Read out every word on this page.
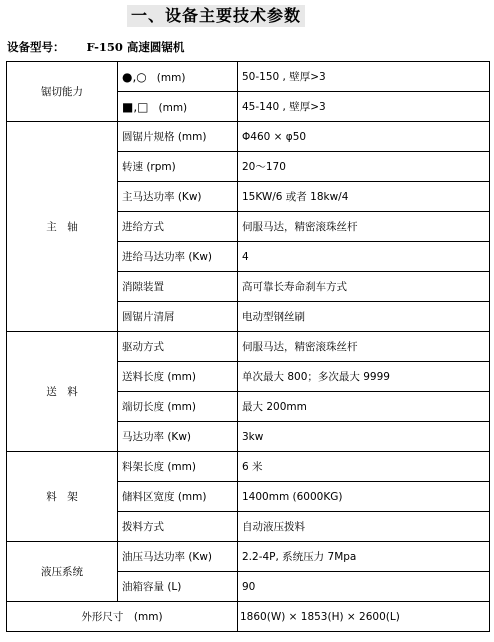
一、设备主要技术参数
设备型号： F-150 高速圆锯机
锯切能力	●,○ (mm)	50-150 , 壁厚>3
	■,□ (mm)	45-140 , 壁厚>3
主　轴	圆锯片规格 (mm)	Φ460 × φ50
	转速 (rpm)	20～170
	主马达功率 (Kw)	15KW/6 或者 18kw/4
	进给方式	伺服马达，精密滚珠丝杆
	进给马达功率 (Kw)	4
	消隙装置	高可靠长寿命刹车方式
	圆锯片清屑	电动型钢丝刷
送　料	驱动方式	伺服马达，精密滚珠丝杆
	送料长度 (mm)	单次最大 800；多次最大 9999
	端切长度 (mm)	最大 200mm
	马达功率 (Kw)	3kw
料　架	料架长度 (mm)	6 米
	储料区宽度 (mm)	1400mm (6000KG)
	拨料方式	自动液压拨料
液压系统	油压马达功率 (Kw)	2.2-4P, 系统压力 7Mpa
	油箱容量 (L)	90
外形尺寸　(mm)		1860(W) × 1853(H) × 2600(L)
